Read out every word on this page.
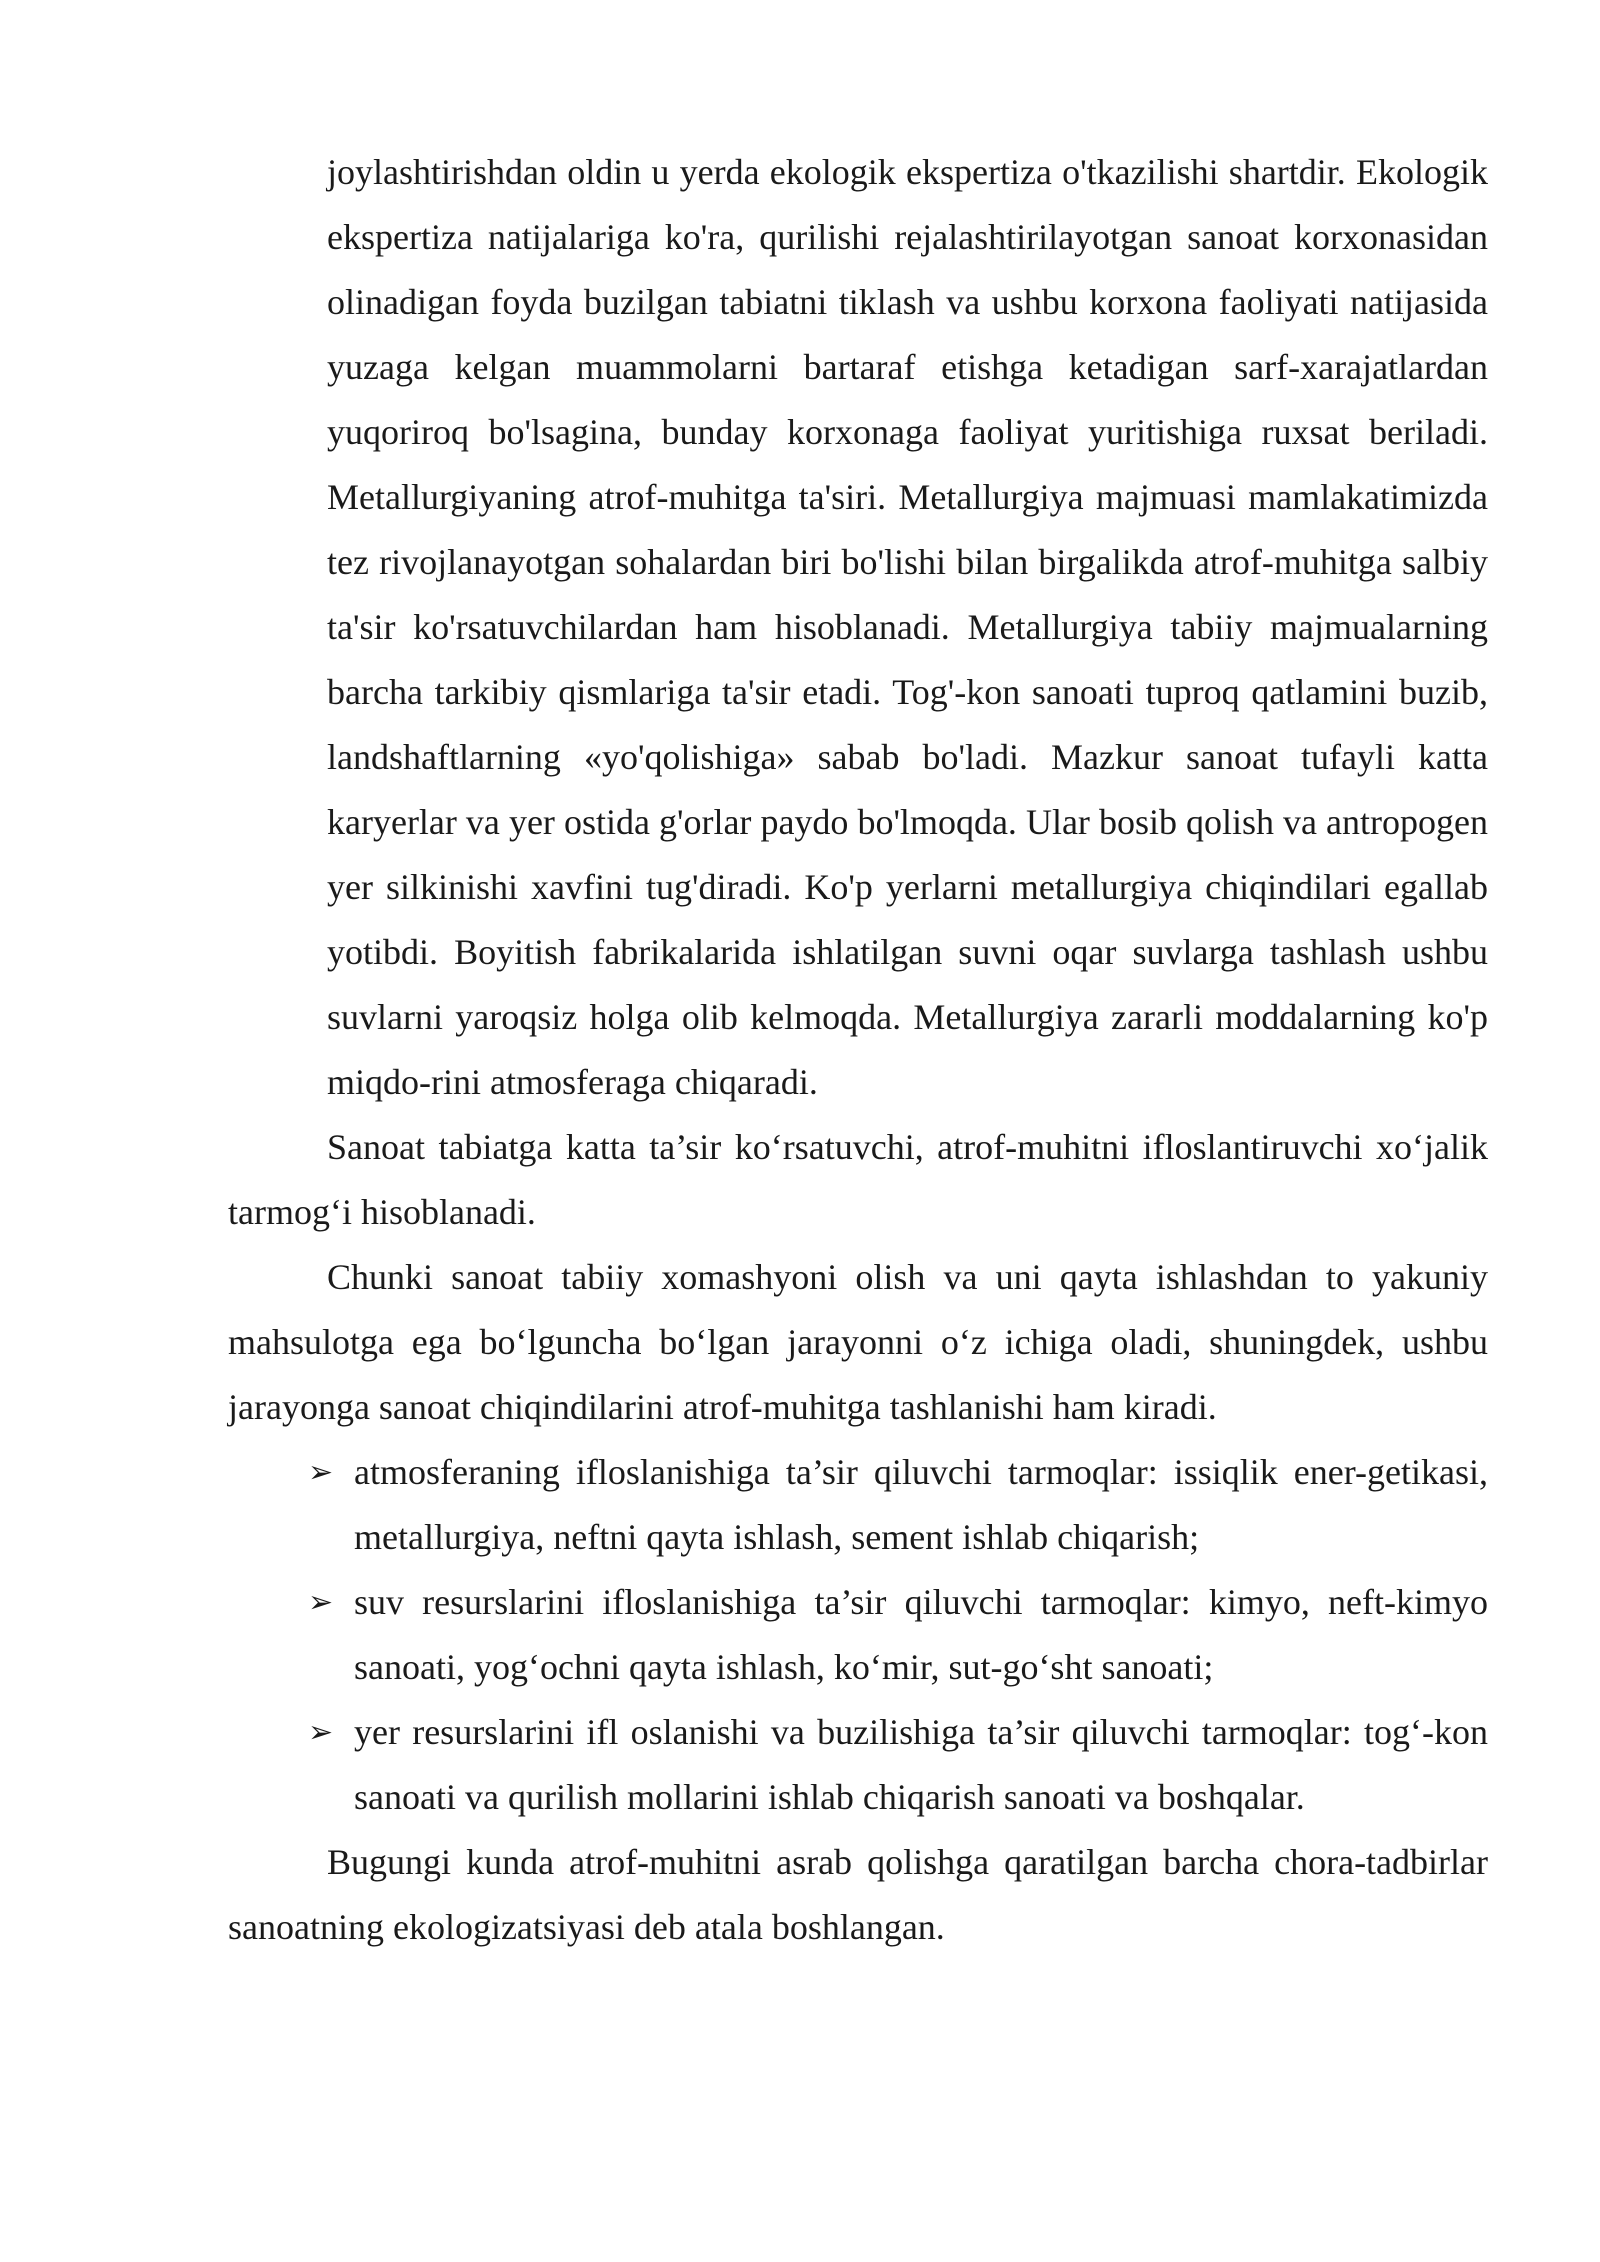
joylashtirishdan oldin u yerda ekologik ekspertiza o'tkazilishi shartdir. Ekologik ekspertiza natijalariga ko'ra, qurilishi rejalashtirilayotgan sanoat korxonasidan olinadigan foyda buzilgan tabiatni tiklash va ushbu korxona faoliyati natijasida yuzaga kelgan muammolarni bartaraf etishga ketadigan sarf-xarajatlardan yuqoriroq bo'lsagina, bunday korxonaga faoliyat yuritishiga ruxsat beriladi. Metallurgiyaning atrof-muhitga ta'siri. Metallurgiya majmuasi mamlakatimizda tez rivojlanayotgan sohalardan biri bo'lishi bilan birgalikda atrof-muhitga salbiy ta'sir ko'rsatuvchilardan ham hisoblanadi. Metallurgiya tabiiy majmualarning barcha tarkibiy qismlariga ta'sir etadi. Tog'-kon sanoati tuproq qatlamini buzib, landshaftlarning «yo'qolishiga» sabab bo'ladi. Mazkur sanoat tufayli katta karyerlar va yer ostida g'orlar paydo bo'lmoqda. Ular bosib qolish va antropogen yer silkinishi xavfini tug'diradi. Ko'p yerlarni metallurgiya chiqindilari egallab yotibdi. Boyitish fabrikalarida ishlatilgan suvni oqar suvlarga tashlash ushbu suvlarni yaroqsiz holga olib kelmoqda. Metallurgiya zararli moddalarning ko'p miqdo-rini atmosferaga chiqaradi.

Sanoat tabiatga katta ta’sir ko‘rsatuvchi, atrof-muhitni ifloslantiruvchi xo‘jalik tarmog‘i hisoblanadi.

Chunki sanoat tabiiy xomashyoni olish va uni qayta ishlashdan to yakuniy mahsulotga ega bo‘lguncha bo‘lgan jarayonni o‘z ichiga oladi, shuningdek, ushbu jarayonga sanoat chiqindilarini atrof-muhitga tashlanishi ham kiradi.

➢ atmosferaning ifloslanishiga ta’sir qiluvchi tarmoqlar: issiqlik ener-getikasi, metallurgiya, neftni qayta ishlash, sement ishlab chiqarish;

➢ suv resurslarini ifloslanishiga ta’sir qiluvchi tarmoqlar: kimyo, neft-kimyo sanoati, yog‘ochni qayta ishlash, ko‘mir, sut-go‘sht sanoati;

➢ yer resurslarini ifl oslanishi va buzilishiga ta’sir qiluvchi tarmoqlar: tog‘-kon sanoati va qurilish mollarini ishlab chiqarish sanoati va boshqalar.

Bugungi kunda atrof-muhitni asrab qolishga qaratilgan barcha chora-tadbirlar sanoatning ekologizatsiyasi deb atala boshlangan.
